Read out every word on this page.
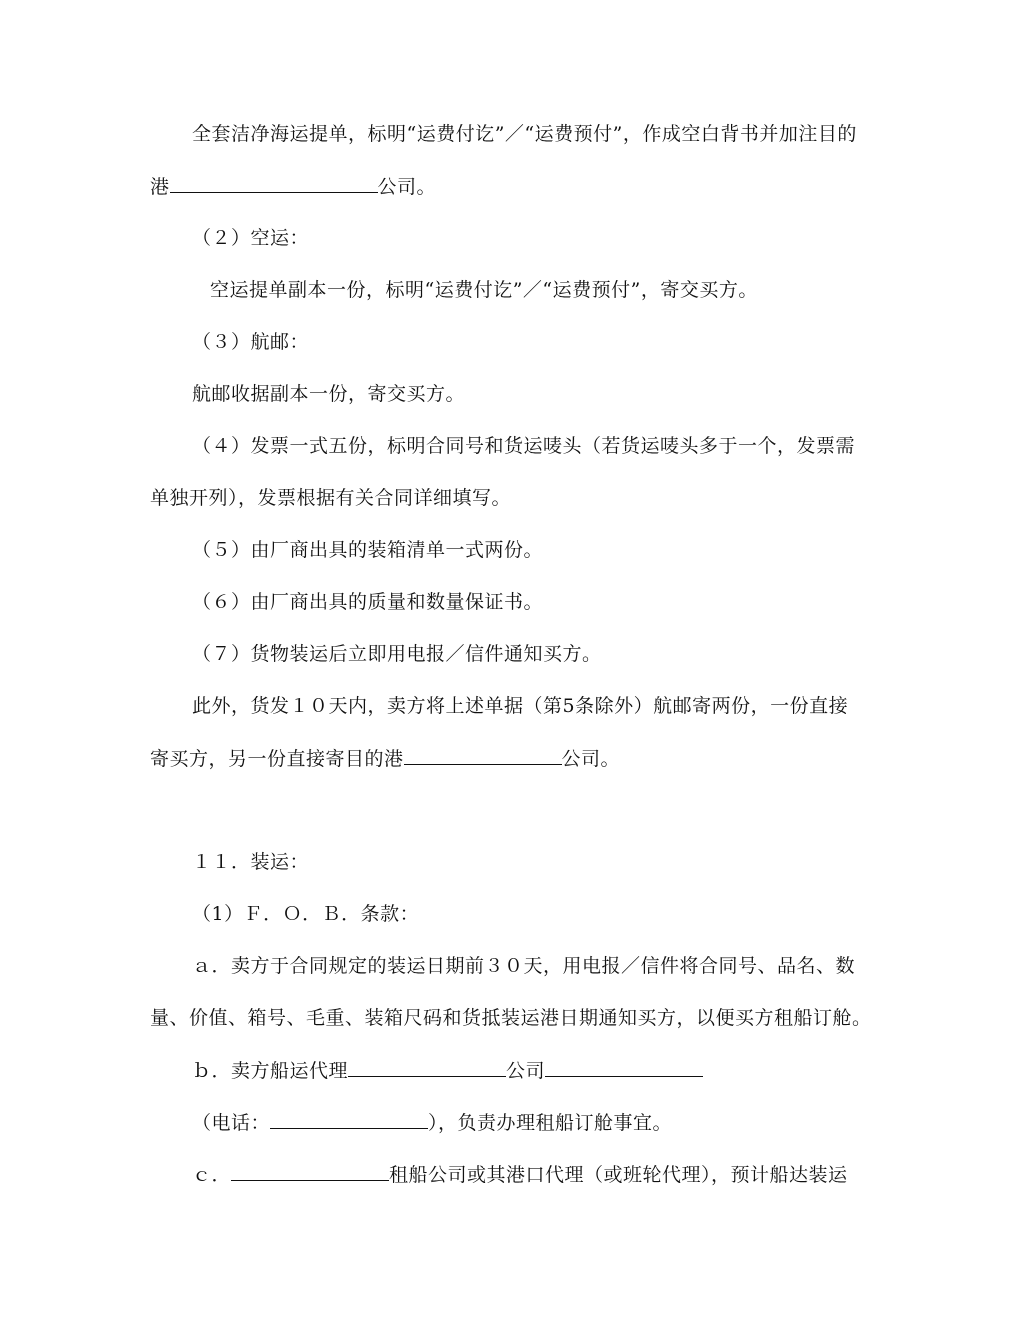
全套洁净海运提单，标明“运费付讫”／“运费预付”，作成空白背书并加注目的
港	公司。
（２）空运：
空运提单副本一份，标明“运费付讫”／“运费预付”，寄交买方。
（３）航邮：
航邮收据副本一份，寄交买方。
（４）发票一式五份，标明合同号和货运唛头（若货运唛头多于一个，发票需
单独开列），发票根据有关合同详细填写。
（５）由厂商出具的装箱清单一式两份。
（６）由厂商出具的质量和数量保证书。
（７）货物装运后立即用电报／信件通知买方。
此外，货发１０天内，卖方将上述单据（第5条除外）航邮寄两份，一份直接
寄买方，另一份直接寄目的港	公司。
１１．装运：
（1）Ｆ．Ｏ．Ｂ．条款：
ａ．卖方于合同规定的装运日期前３０天，用电报／信件将合同号、品名、数
量、价值、箱号、毛重、装箱尺码和货抵装运港日期通知买方，以便买方租船订舱。
ｂ．卖方船运代理	公司
（电话：	），负责办理租船订舱事宜。
ｃ．	租船公司或其港口代理（或班轮代理），预计船达装运
